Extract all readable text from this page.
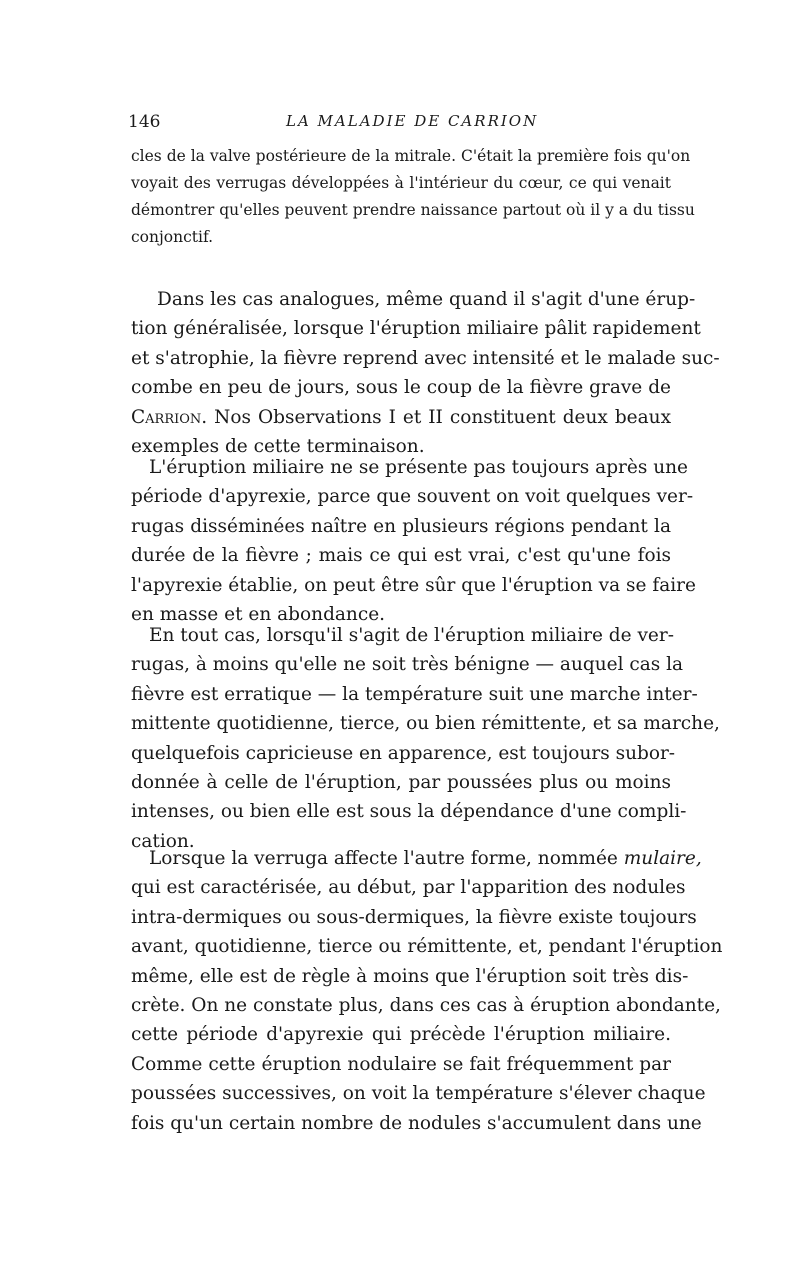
146	LA MALADIE DE CARRION
cles de la valve postérieure de la mitrale. C'était la première fois qu'on
voyait des verrugas développées à l'intérieur du cœur, ce qui venait
démontrer qu'elles peuvent prendre naissance partout où il y a du tissu
conjonctif.
Dans les cas analogues, même quand il s'agit d'une érup-
tion généralisée, lorsque l'éruption miliaire pâlit rapidement
et s'atrophie, la fièvre reprend avec intensité et le malade suc-
combe en peu de jours, sous le coup de la fièvre grave de
Carrion. Nos Observations I et II constituent deux beaux
exemples de cette terminaison.
L'éruption miliaire ne se présente pas toujours après une
période d'apyrexie, parce que souvent on voit quelques ver-
rugas disséminées naître en plusieurs régions pendant la
durée de la fièvre ; mais ce qui est vrai, c'est qu'une fois
l'apyrexie établie, on peut être sûr que l'éruption va se faire
en masse et en abondance.
En tout cas, lorsqu'il s'agit de l'éruption miliaire de ver-
rugas, à moins qu'elle ne soit très bénigne — auquel cas la
fièvre est erratique — la température suit une marche inter-
mittente quotidienne, tierce, ou bien rémittente, et sa marche,
quelquefois capricieuse en apparence, est toujours subor-
donnée à celle de l'éruption, par poussées plus ou moins
intenses, ou bien elle est sous la dépendance d'une compli-
cation.
Lorsque la verruga affecte l'autre forme, nommée mulaire,
qui est caractérisée, au début, par l'apparition des nodules
intra-dermiques ou sous-dermiques, la fièvre existe toujours
avant, quotidienne, tierce ou rémittente, et, pendant l'éruption
même, elle est de règle à moins que l'éruption soit très dis-
crète. On ne constate plus, dans ces cas à éruption abondante,
cette période d'apyrexie qui précède l'éruption miliaire.
Comme cette éruption nodulaire se fait fréquemment par
poussées successives, on voit la température s'élever chaque
fois qu'un certain nombre de nodules s'accumulent dans une
